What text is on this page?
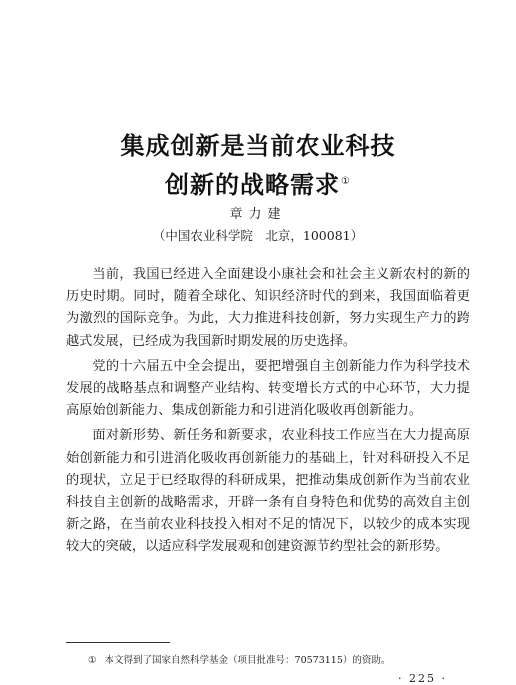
集成创新是当前农业科技
创新的战略需求①
章力建
（中国农业科学院　北京，100081）

当前，我国已经进入全面建设小康社会和社会主义新农村的新的历史时期。同时，随着全球化、知识经济时代的到来，我国面临着更为激烈的国际竞争。为此，大力推进科技创新，努力实现生产力的跨越式发展，已经成为我国新时期发展的历史选择。

党的十六届五中全会提出，要把增强自主创新能力作为科学技术发展的战略基点和调整产业结构、转变增长方式的中心环节，大力提高原始创新能力、集成创新能力和引进消化吸收再创新能力。

面对新形势、新任务和新要求，农业科技工作应当在大力提高原始创新能力和引进消化吸收再创新能力的基础上，针对科研投入不足的现状，立足于已经取得的科研成果，把推动集成创新作为当前农业科技自主创新的战略需求，开辟一条有自身特色和优势的高效自主创新之路，在当前农业科技投入相对不足的情况下，以较少的成本实现较大的突破，以适应科学发展观和创建资源节约型社会的新形势。

① 本文得到了国家自然科学基金（项目批准号：70573115）的资助。
· 225 ·
